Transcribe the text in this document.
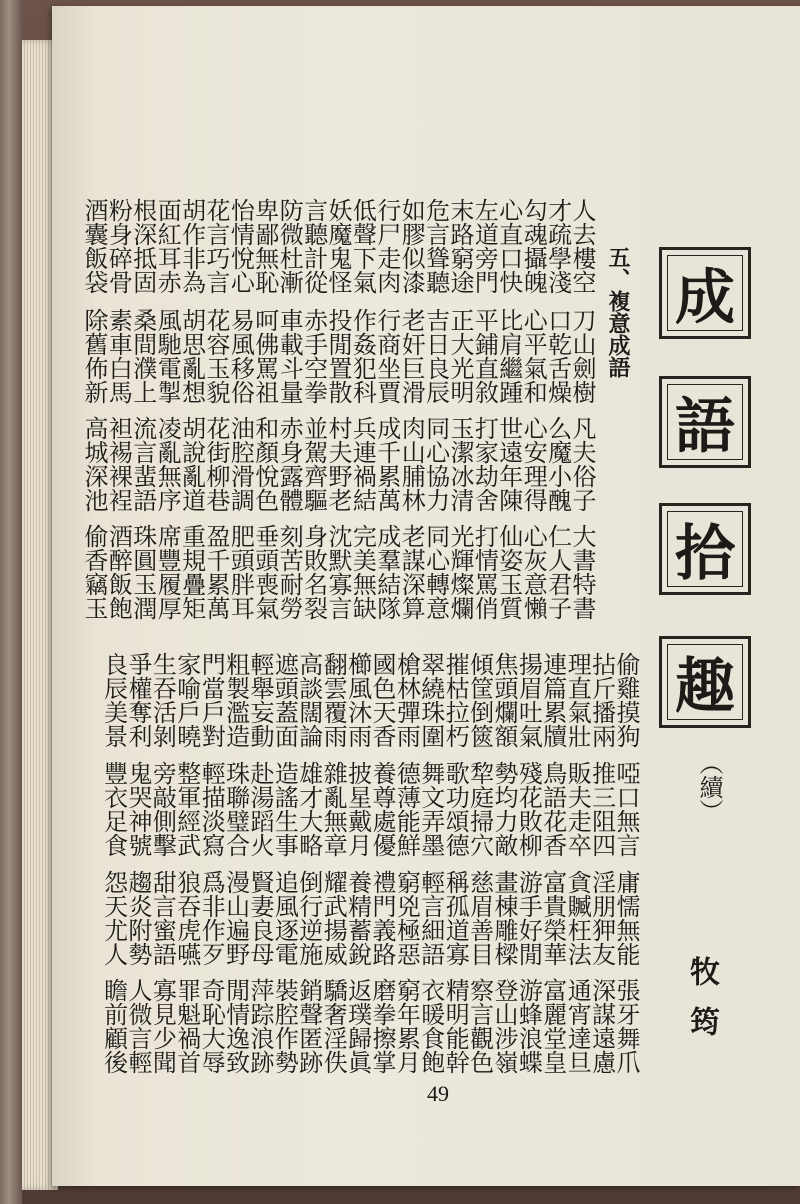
五、複意成語
人去樓空
才疏學淺
勾魂攝魄
心直口快
左道旁門
末路窮途
危言聳聽
如膠似漆
行尸走肉
低聲下氣
妖魔鬼怪
言聽計從
防微杜漸
卑鄙無恥
怡情悅心
花言巧言
胡作非為
面紅耳赤
根深抵固
粉身碎骨
酒囊飯袋
刀山劍樹
口乾舌燥
心平氣和
比肩繼踵
平鋪直敘
正大光明
吉日良辰
老奸巨滑
行商坐賈
作姦犯科
投閒置散
赤手空拳
車載斗量
呵佛罵祖
易風移俗
花容玉貌
胡思亂想
風馳電掣
桑間濮上
素車白馬
除舊佈新
凡夫俗子
么魔小醜
心安理得
世遠年陳
打家劫舍
玉潔冰清
同心協力
肉山脯林
成千累萬
兵連禍結
村夫野老
並駕齊驅
赤身露體
和顏悅色
油腔滑調
花街柳巷
胡說亂道
凌亂無序
流言蜚語
袒裼裸裎
高城深池
大書特書
仁人君子
心灰意懶
仙姿玉質
打情罵俏
光輝燦爛
同心轉意
老謀深算
成羣結隊
完美無缺
沈默寡言
身敗名裂
刻苦耐勞
垂頭喪氣
肥頭胖耳
盈千累萬
重規疊矩
席豐履厚
珠圓玉潤
酒醉飯飽
偷香竊玉
偷雞摸狗
拈斤播兩
理直氣壯
連篇累牘
揚眉吐氣
焦頭爛額
傾筐倒篋
摧枯拉朽
翠繞珠圍
槍林彈雨
國色天香
櫛風沐雨
翻雲覆雨
高談闊論
遮頭蓋面
輕舉妄動
粗製濫造
門當戶對
家喻戶曉
生吞活剝
爭權奪利
良辰美景
啞口無言
推三阻四
販夫走卒
鳥語花香
殘花敗柳
勢均力敵
犂庭掃穴
歌功頌德
舞文弄墨
德薄能鮮
養尊處優
披星戴月
雜亂無章
雄才大略
造謠生事
赴湯蹈火
珠聯璧合
輕描淡寫
整軍經武
旁敲側擊
鬼哭神號
豐衣足食
庸懦無能
淫朋狎友
貪贓枉法
富貴榮華
游手好閒
畫棟雕樑
慈眉善目
稱孤道寡
輕言細語
窮兇極惡
禮門義路
養精蓄銳
耀武揚威
倒行逆施
追風逐電
賢妻良母
漫山遍野
爲非作歹
狼吞虎嚥
甜言蜜語
趨炎附勢
怨天尤人
張牙舞爪
深謀遠慮
通宵達旦
富麗堂皇
游蜂浪蝶
登山涉嶺
察言觀色
精明能幹
衣暖食飽
窮年累月
磨拳擦掌
返璞歸眞
驕奢淫佚
銷聲匿跡
裝腔作勢
萍踪浪跡
閒情逸致
奇恥大辱
罪魁禍首
寡見少聞
人微言輕
瞻前顧後
成
語
拾
趣
（續）
牧筠
49
